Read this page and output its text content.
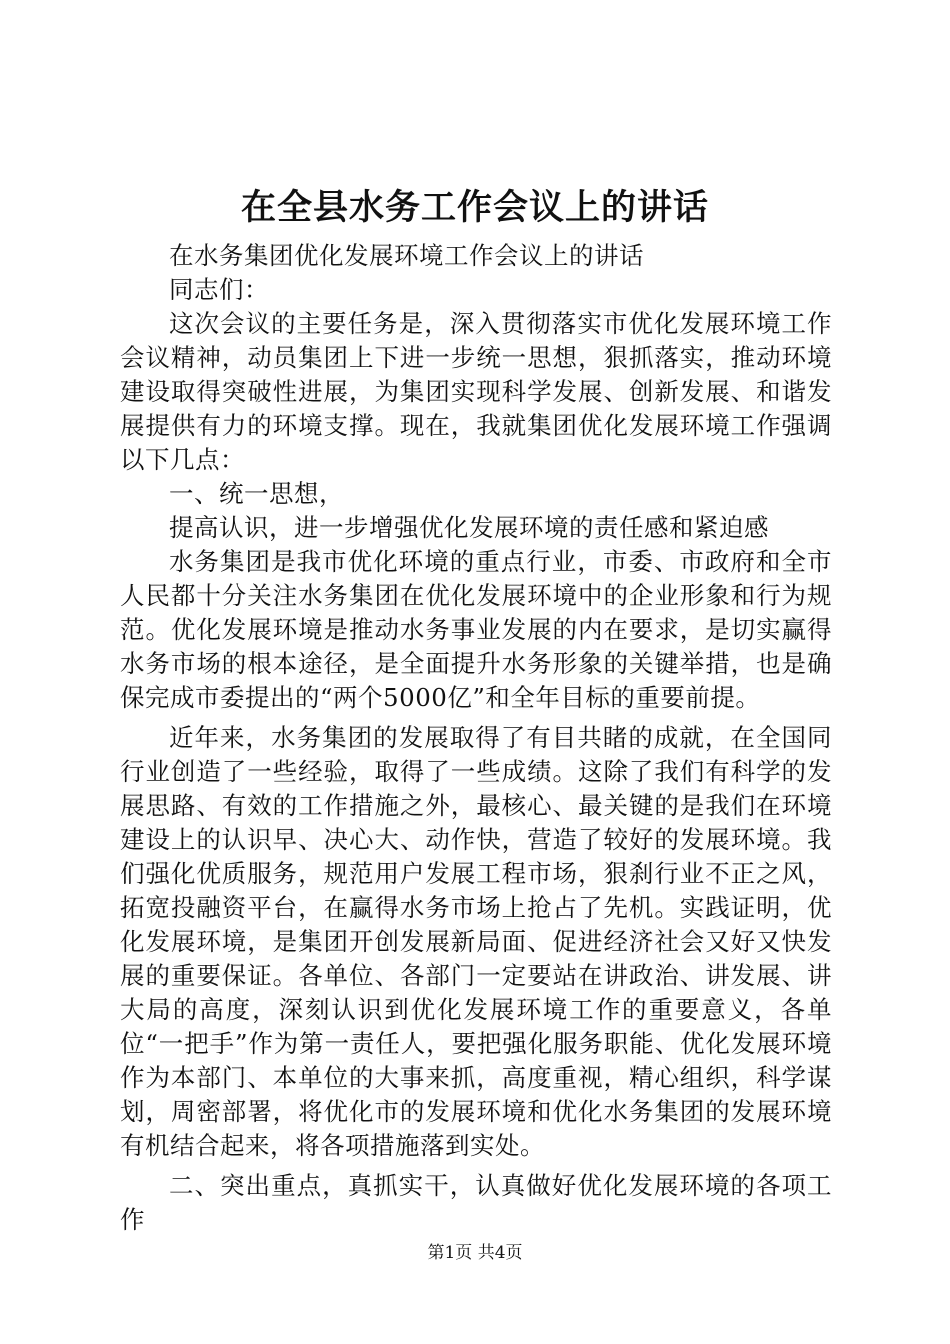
在全县水务工作会议上的讲话

在水务集团优化发展环境工作会议上的讲话

同志们：

这次会议的主要任务是，深入贯彻落实市优化发展环境工作会议精神，动员集团上下进一步统一思想，狠抓落实，推动环境建设取得突破性进展，为集团实现科学发展、创新发展、和谐发展提供有力的环境支撑。现在，我就集团优化发展环境工作强调以下几点：

一、统一思想，

提高认识，进一步增强优化发展环境的责任感和紧迫感

水务集团是我市优化环境的重点行业，市委、市政府和全市人民都十分关注水务集团在优化发展环境中的企业形象和行为规范。优化发展环境是推动水务事业发展的内在要求，是切实赢得水务市场的根本途径，是全面提升水务形象的关键举措，也是确保完成市委提出的“两个5000亿”和全年目标的重要前提。

近年来，水务集团的发展取得了有目共睹的成就，在全国同行业创造了一些经验，取得了一些成绩。这除了我们有科学的发展思路、有效的工作措施之外，最核心、最关键的是我们在环境建设上的认识早、决心大、动作快，营造了较好的发展环境。我们强化优质服务，规范用户发展工程市场，狠刹行业不正之风，拓宽投融资平台，在赢得水务市场上抢占了先机。实践证明，优化发展环境，是集团开创发展新局面、促进经济社会又好又快发展的重要保证。各单位、各部门一定要站在讲政治、讲发展、讲大局的高度，深刻认识到优化发展环境工作的重要意义，各单位“一把手”作为第一责任人，要把强化服务职能、优化发展环境作为本部门、本单位的大事来抓，高度重视，精心组织，科学谋划，周密部署，将优化市的发展环境和优化水务集团的发展环境有机结合起来，将各项措施落到实处。

二、突出重点，真抓实干，认真做好优化发展环境的各项工作

第1页 共4页
